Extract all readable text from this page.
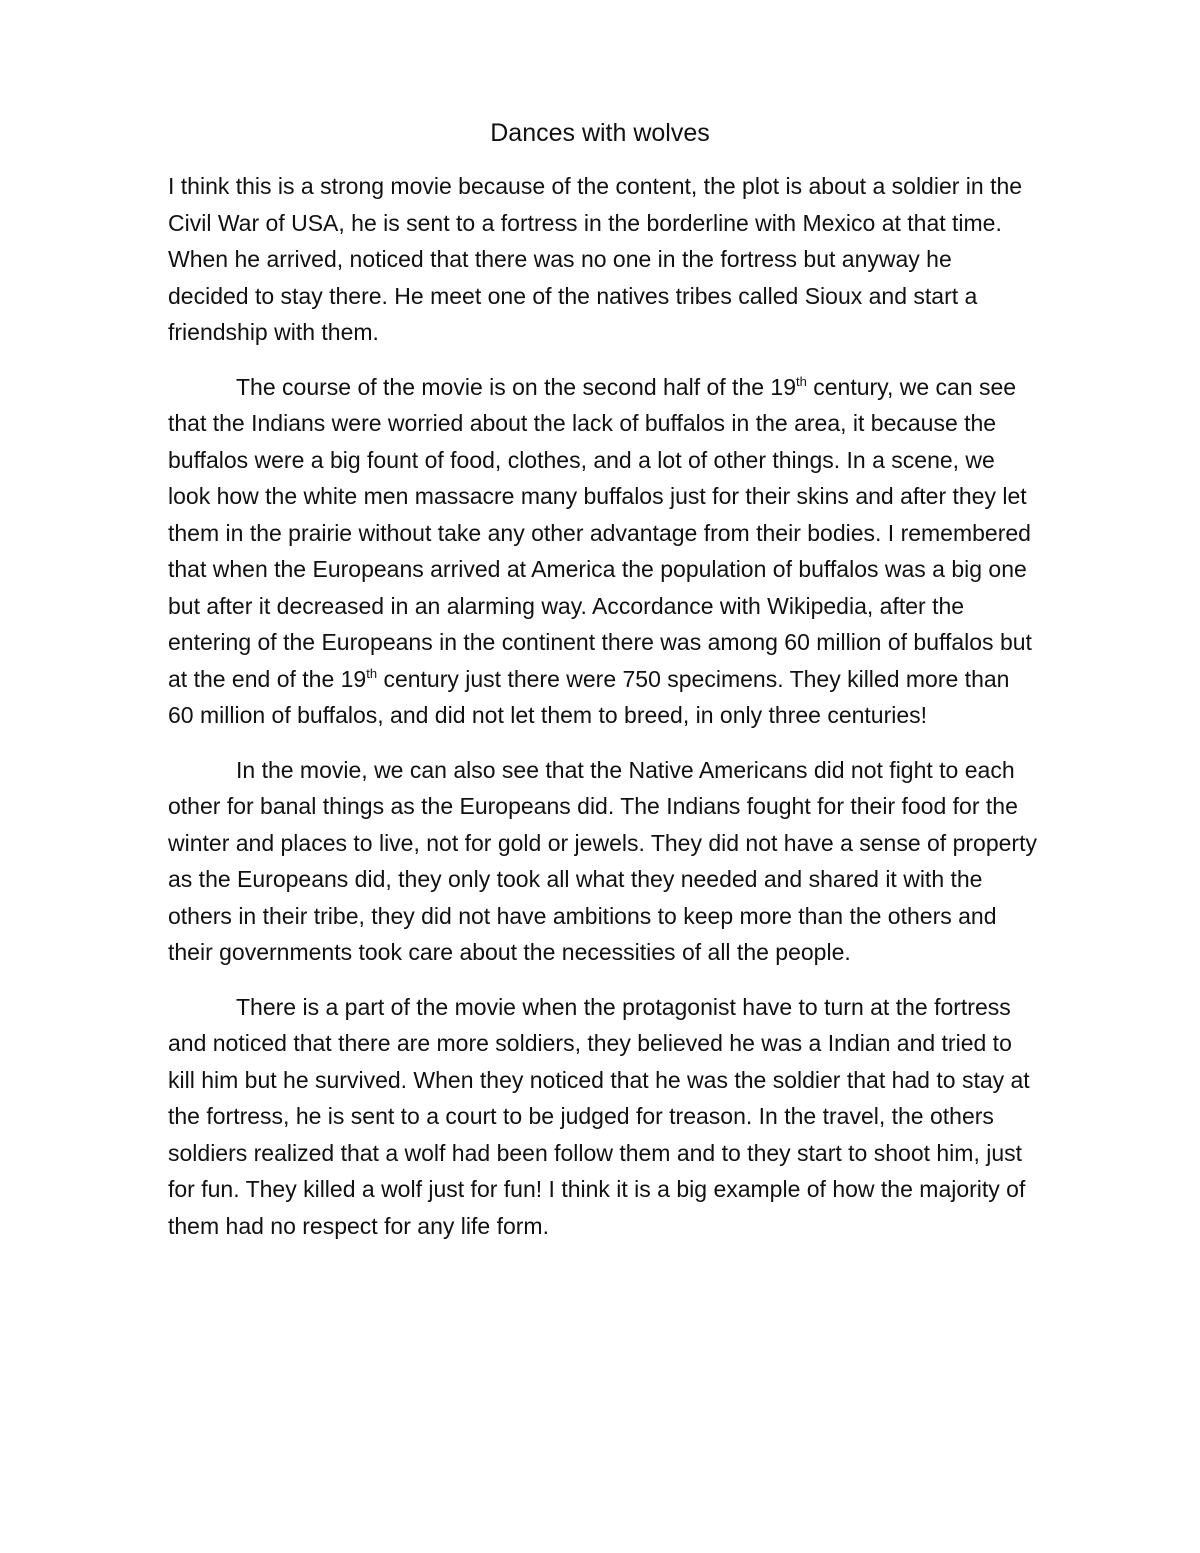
Dances with wolves

I think this is a strong movie because of the content, the plot is about a soldier in the Civil War of USA, he is sent to a fortress in the borderline with Mexico at that time. When he arrived, noticed that there was no one in the fortress but anyway he decided to stay there. He meet one of the natives tribes called Sioux and start a friendship with them.

The course of the movie is on the second half of the 19th century, we can see that the Indians were worried about the lack of buffalos in the area, it because the buffalos were a big fount of food, clothes, and a lot of other things. In a scene, we look how the white men massacre many buffalos just for their skins and after they let them in the prairie without take any other advantage from their bodies. I remembered that when the Europeans arrived at America the population of buffalos was a big one but after it decreased in an alarming way. Accordance with Wikipedia, after the entering of the Europeans in the continent there was among 60 million of buffalos but at the end of the 19th century just there were 750 specimens. They killed more than 60 million of buffalos, and did not let them to breed, in only three centuries!

In the movie, we can also see that the Native Americans did not fight to each other for banal things as the Europeans did. The Indians fought for their food for the winter and places to live, not for gold or jewels. They did not have a sense of property as the Europeans did, they only took all what they needed and shared it with the others in their tribe, they did not have ambitions to keep more than the others and their governments took care about the necessities of all the people.

There is a part of the movie when the protagonist have to turn at the fortress and noticed that there are more soldiers, they believed he was a Indian and tried to kill him but he survived. When they noticed that he was the soldier that had to stay at the fortress, he is sent to a court to be judged for treason. In the travel, the others soldiers realized that a wolf had been follow them and to they start to shoot him, just for fun. They killed a wolf just for fun! I think it is a big example of how the majority of them had no respect for any life form.
